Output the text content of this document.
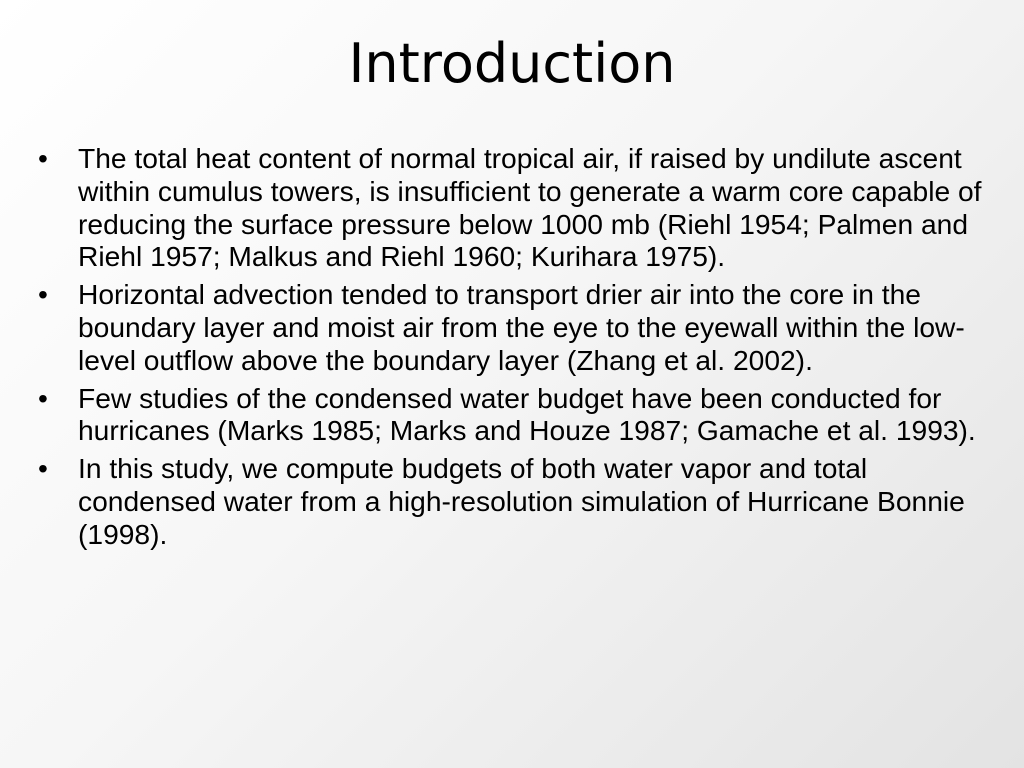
Introduction
• The total heat content of normal tropical air, if raised by undilute ascent within cumulus towers, is insufficient to generate a warm core capable of reducing the surface pressure below 1000 mb (Riehl 1954; Palmen and Riehl 1957; Malkus and Riehl 1960; Kurihara 1975).
• Horizontal advection tended to transport drier air into the core in the boundary layer and moist air from the eye to the eyewall within the low-level outflow above the boundary layer (Zhang et al. 2002).
• Few studies of the condensed water budget have been conducted for hurricanes (Marks 1985; Marks and Houze 1987; Gamache et al. 1993).
• In this study, we compute budgets of both water vapor and total condensed water from a high-resolution simulation of Hurricane Bonnie (1998).
